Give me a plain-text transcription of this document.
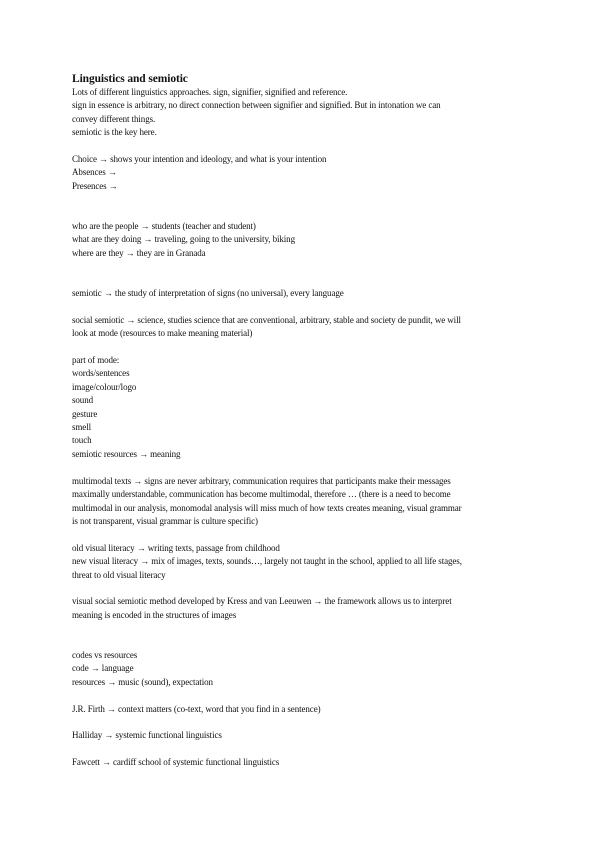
Linguistics and semiotic

Lots of different linguistics approaches. sign, signifier, signified and reference.

sign in essence is arbitrary, no direct connection between signifier and signified. But in intonation we can

convey different things.

semiotic is the key here.

Choice → shows your intention and ideology, and what is your intention

Absences →

Presences →

who are the people → students (teacher and student)

what are they doing → traveling, going to the university, biking

where are they → they are in Granada

semiotic → the study of interpretation of signs (no universal), every language

social semiotic → science, studies science that are conventional, arbitrary, stable and society de pundit, we will

look at mode (resources to make meaning material)

part of mode:

words/sentences

image/colour/logo

sound

gesture

smell

touch

semiotic resources → meaning

multimodal texts → signs are never arbitrary, communication requires that participants make their messages

maximally understandable, communication has become multimodal, therefore … (there is a need to become

multimodal in our analysis, monomodal analysis will miss much of how texts creates meaning, visual grammar

is not transparent, visual grammar is culture specific)

old visual literacy → writing texts, passage from childhood

new visual literacy → mix of images, texts, sounds…, largely not taught in the school, applied to all life stages,

threat to old visual literacy

visual social semiotic method developed by Kress and van Leeuwen → the framework allows us to interpret

meaning is encoded in the structures of images

codes vs resources

code → language

resources → music (sound), expectation

J.R. Firth → context matters (co-text, word that you find in a sentence)

Halliday → systemic functional linguistics

Fawcett → cardiff school of systemic functional linguistics
